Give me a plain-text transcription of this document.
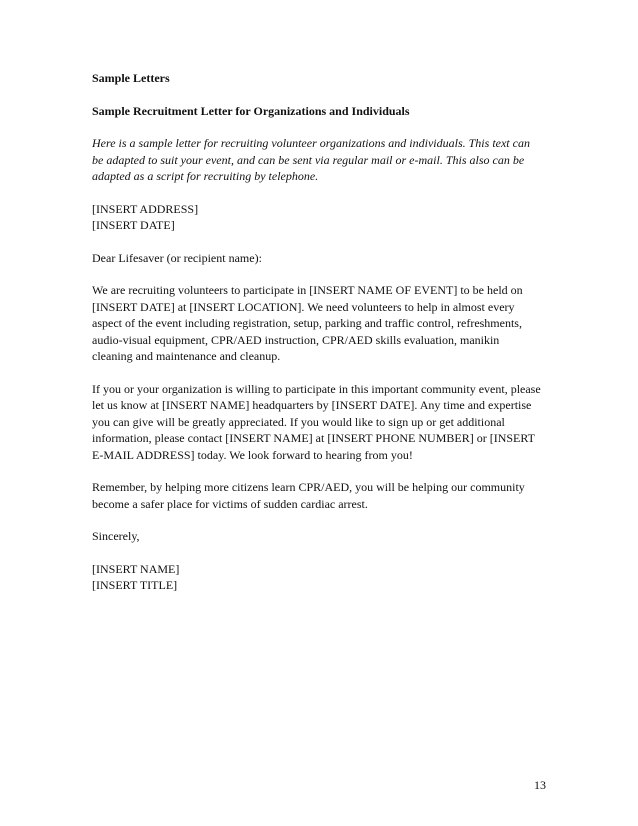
Sample Letters

Sample Recruitment Letter for Organizations and Individuals

Here is a sample letter for recruiting volunteer organizations and individuals. This text can
be adapted to suit your event, and can be sent via regular mail or e-mail. This also can be
adapted as a script for recruiting by telephone.

[INSERT ADDRESS]
[INSERT DATE]

Dear Lifesaver (or recipient name):

We are recruiting volunteers to participate in [INSERT NAME OF EVENT] to be held on
[INSERT DATE] at [INSERT LOCATION]. We need volunteers to help in almost every
aspect of the event including registration, setup, parking and traffic control, refreshments,
audio-visual equipment, CPR/AED instruction, CPR/AED skills evaluation, manikin
cleaning and maintenance and cleanup.

If you or your organization is willing to participate in this important community event, please
let us know at [INSERT NAME] headquarters by [INSERT DATE]. Any time and expertise
you can give will be greatly appreciated. If you would like to sign up or get additional
information, please contact [INSERT NAME] at [INSERT PHONE NUMBER] or [INSERT
E-MAIL ADDRESS] today. We look forward to hearing from you!

Remember, by helping more citizens learn CPR/AED, you will be helping our community
become a safer place for victims of sudden cardiac arrest.

Sincerely,

[INSERT NAME]
[INSERT TITLE]

13
